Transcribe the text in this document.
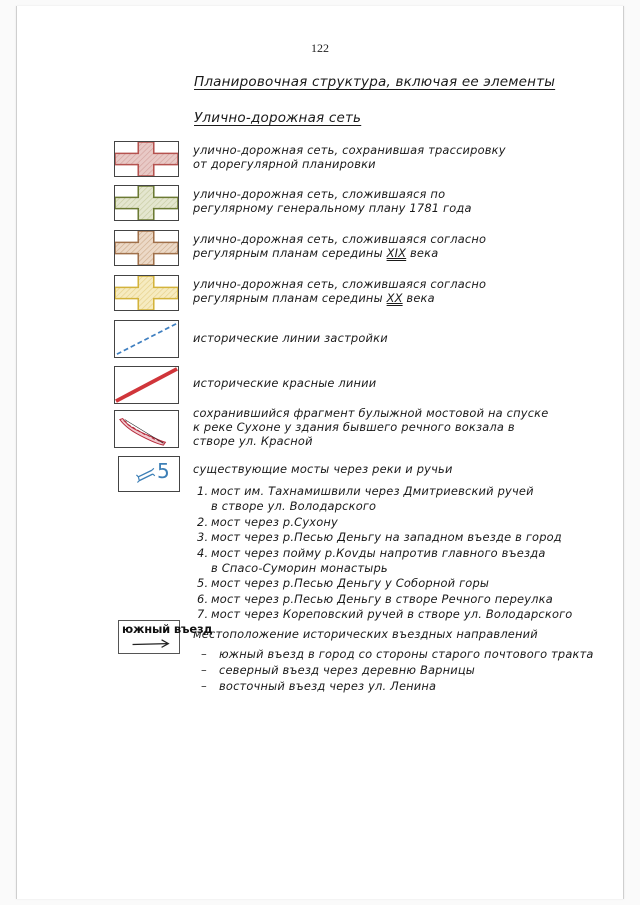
122
Планировочная структура, включая ее элементы
Улично-дорожная сеть
улично-дорожная сеть, сохранившая трассировку
от дорегулярной планировки
улично-дорожная сеть, сложившаяся по
регулярному генеральному плану 1781 года
улично-дорожная сеть, сложившаяся согласно
регулярным планам середины XIX века
улично-дорожная сеть, сложившаяся согласно
регулярным планам середины XX века
исторические линии застройки
исторические красные линии
сохранившийся фрагмент булыжной мостовой на спуске
к реке Сухоне у здания бывшего речного вокзала в
створе ул. Красной
5 существующие мосты через реки и ручьи
1. мост им. Тахнамишвили через Дмитриевский ручей
в створе ул. Володарского
2. мост через р.Сухону
3. мост через р.Песью Деньгу на западном въезде в город
4. мост через пойму р.Кovды напротив главного въезда
в Спасо-Суморин монастырь
5. мост через р.Песью Деньгу у Соборной горы
6. мост через р.Песью Деньгу в створе Речного переулка
7. мост через Кореповский ручей в створе ул. Володарского
южный въезд
местоположение исторических въездных направлений
– южный въезд в город со стороны старого почтового тракта
– северный въезд через деревню Варницы
– восточный въезд через ул. Ленина
